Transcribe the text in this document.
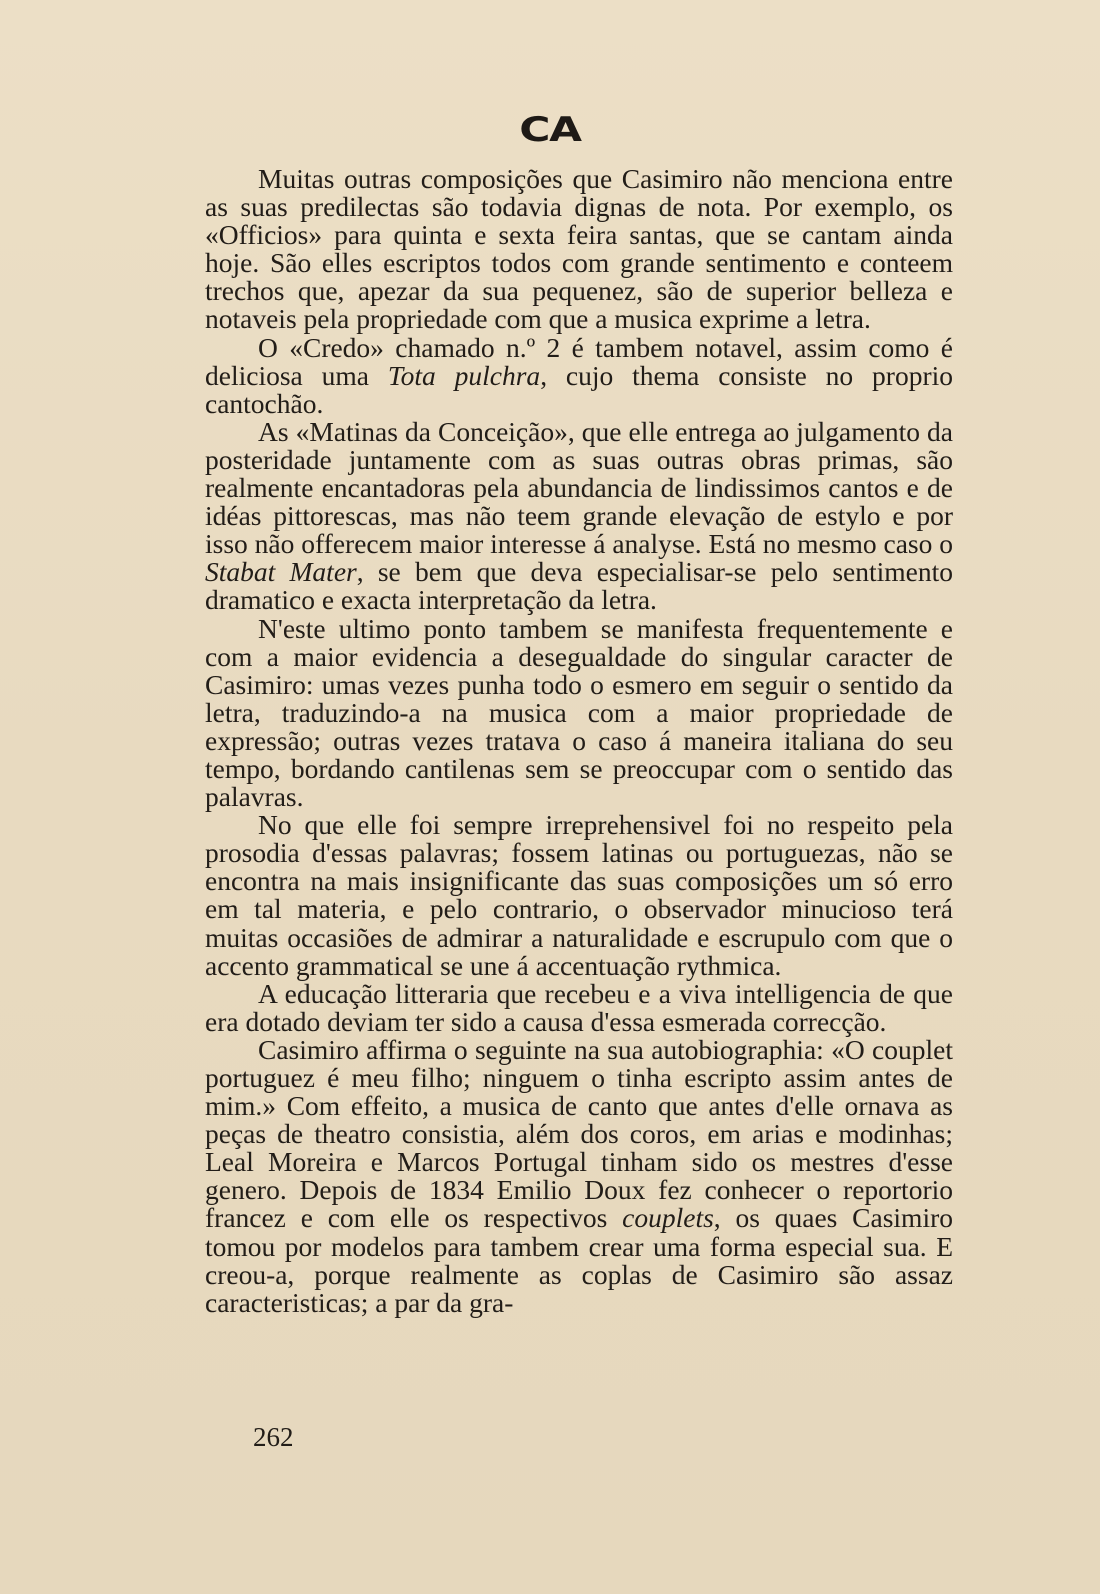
CA

Muitas outras composições que Casimiro não menciona entre as suas predilectas são todavia dignas de nota. Por exemplo, os «Officios» para quinta e sexta feira santas, que se cantam ainda hoje. São elles escriptos todos com grande sentimento e conteem trechos que, apezar da sua pequenez, são de superior belleza e notaveis pela propriedade com que a musica exprime a letra.

O «Credo» chamado n.º 2 é tambem notavel, assim como é deliciosa uma Tota pulchra, cujo thema consiste no proprio cantochão.

As «Matinas da Conceição», que elle entrega ao julgamento da posteridade juntamente com as suas outras obras primas, são realmente encantadoras pela abundancia de lindissimos cantos e de idéas pittorescas, mas não teem grande elevação de estylo e por isso não offerecem maior interesse á analyse. Está no mesmo caso o Stabat Mater, se bem que deva especialisar-se pelo sentimento dramatico e exacta interpretação da letra.

N'este ultimo ponto tambem se manifesta frequentemente e com a maior evidencia a desegualdade do singular caracter de Casimiro: umas vezes punha todo o esmero em seguir o sentido da letra, traduzindo-a na musica com a maior propriedade de expressão; outras vezes tratava o caso á maneira italiana do seu tempo, bordando cantilenas sem se preoccupar com o sentido das palavras.

No que elle foi sempre irreprehensivel foi no respeito pela prosodia d'essas palavras; fossem latinas ou portuguezas, não se encontra na mais insignificante das suas composições um só erro em tal materia, e pelo contrario, o observador minucioso terá muitas occasiões de admirar a naturalidade e escrupulo com que o accento grammatical se une á accentuação rythmica.

A educação litteraria que recebeu e a viva intelligencia de que era dotado deviam ter sido a causa d'essa esmerada correcção.

Casimiro affirma o seguinte na sua autobiographia: «O couplet portuguez é meu filho; ninguem o tinha escripto assim antes de mim.» Com effeito, a musica de canto que antes d'elle ornava as peças de theatro consistia, além dos coros, em arias e modinhas; Leal Moreira e Marcos Portugal tinham sido os mestres d'esse genero. Depois de 1834 Emilio Doux fez conhecer o reportorio francez e com elle os respectivos couplets, os quaes Casimiro tomou por modelos para tambem crear uma forma especial sua. E creou-a, porque realmente as coplas de Casimiro são assaz caracteristicas; a par da gra-

262
